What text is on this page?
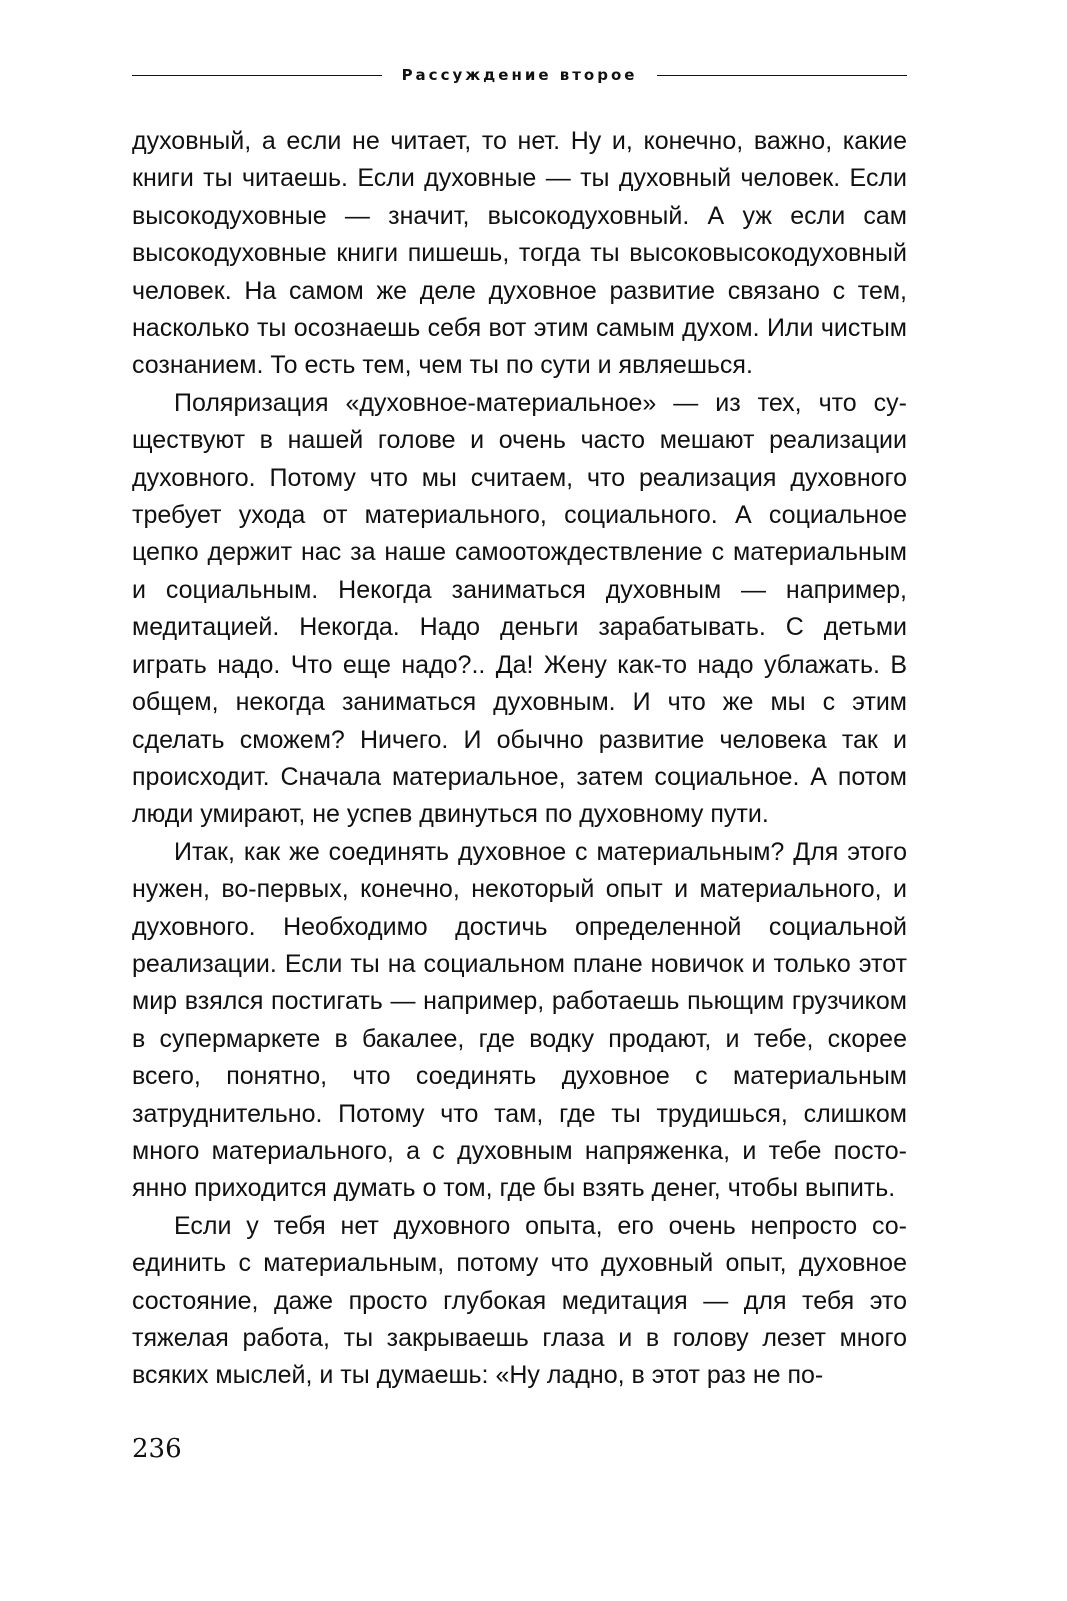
Рассуждение второе

духовный, а если не читает, то нет. Ну и, конечно, важно, какие книги ты читаешь. Если духовные — ты духовный человек. Если высокодуховные — значит, высокодуховный. А уж если сам высокодуховные книги пишешь, тогда ты высоковысокодуховный человек. На самом же деле духовное развитие связано с тем, насколько ты осознаешь себя вот этим самым духом. Или чистым сознанием. То есть тем, чем ты по сути и являешься.

Поляризация «духовное-материальное» — из тех, что существуют в нашей голове и очень часто мешают реализации духовного. Потому что мы считаем, что реализация духовного требует ухода от материального, социального. А социальное цепко держит нас за наше самоотождествление с материальным и социальным. Некогда заниматься духовным — например, медитацией. Некогда. Надо деньги зарабатывать. С детьми играть надо. Что еще надо?.. Да! Жену как-то надо ублажать. В общем, некогда заниматься духовным. И что же мы с этим сделать сможем? Ничего. И обычно развитие человека так и происходит. Сначала материальное, затем социальное. А потом люди умирают, не успев двинуться по духовному пути.

Итак, как же соединять духовное с материальным? Для этого нужен, во-первых, конечно, некоторый опыт и материального, и духовного. Необходимо достичь определенной социальной реализации. Если ты на социальном плане новичок и только этот мир взялся постигать — например, работаешь пьющим грузчиком в супермаркете в бакалее, где водку продают, и тебе, скорее всего, понятно, что соединять духовное с материальным затруднительно. Потому что там, где ты трудишься, слишком много материального, а с духовным напряженка, и тебе постоянно приходится думать о том, где бы взять денег, чтобы выпить.

Если у тебя нет духовного опыта, его очень непросто соединить с материальным, потому что духовный опыт, духовное состояние, даже просто глубокая медитация — для тебя это тяжелая работа, ты закрываешь глаза и в голову лезет много всяких мыслей, и ты думаешь: «Ну ладно, в этот раз не по-

236
